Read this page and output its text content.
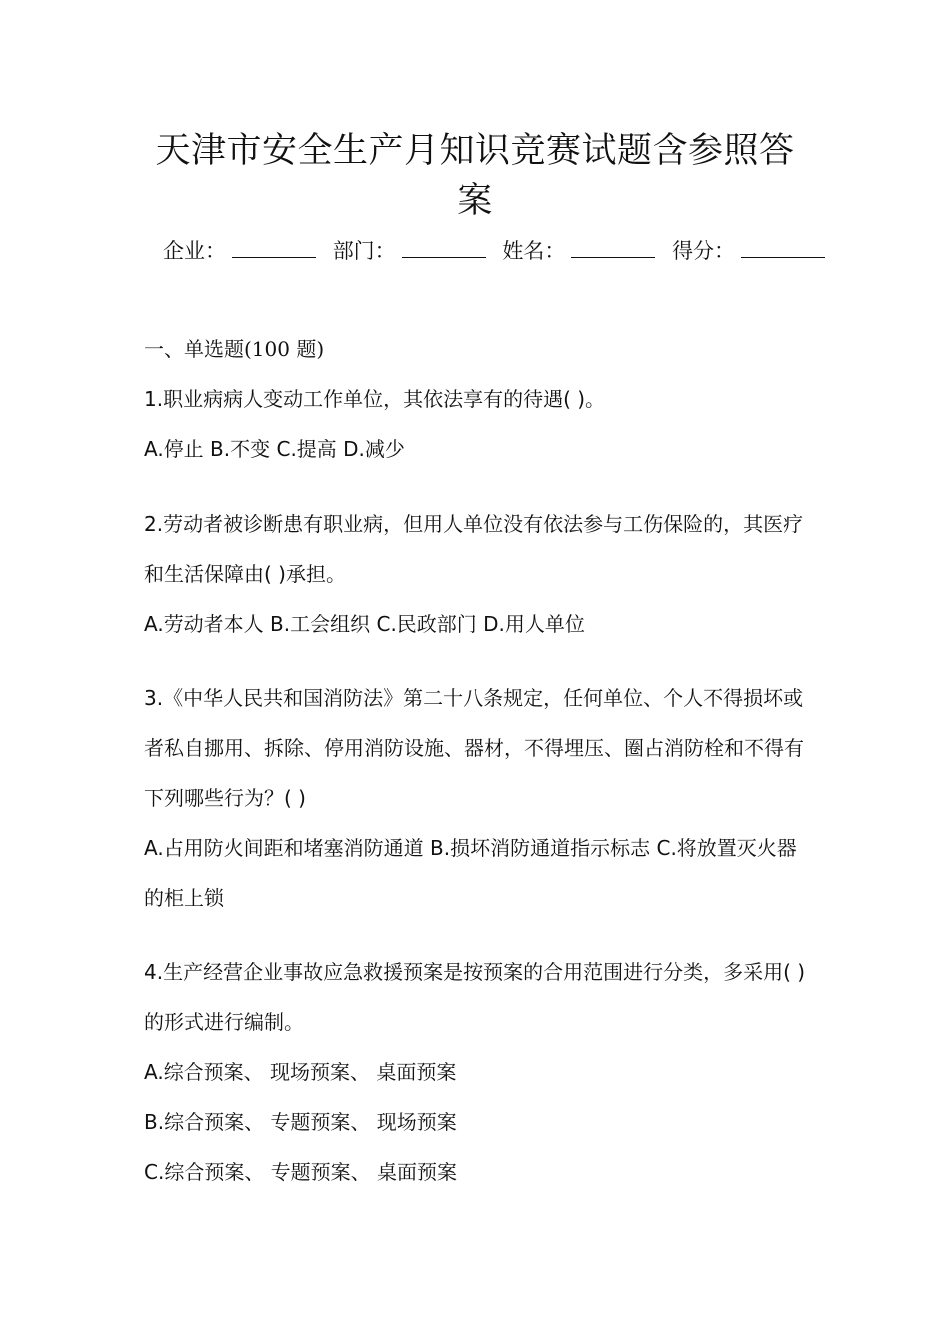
天津市安全生产月知识竞赛试题含参照答案
企业：	部门：	姓名：	得分：
一、单选题(100 题)
1.职业病病人变动工作单位，其依法享有的待遇( )。
A.停止 B.不变 C.提高 D.减少
2.劳动者被诊断患有职业病，但用人单位没有依法参与工伤保险的，其医疗和生活保障由( )承担。
A.劳动者本人 B.工会组织 C.民政部门 D.用人单位
3.《中华人民共和国消防法》第二十八条规定，任何单位、个人不得损坏或者私自挪用、拆除、停用消防设施、器材，不得埋压、圈占消防栓和不得有下列哪些行为？( )
A.占用防火间距和堵塞消防通道 B.损坏消防通道指示标志 C.将放置灭火器的柜上锁
4.生产经营企业事故应急救援预案是按预案的合用范围进行分类，多采用( )的形式进行编制。
A.综合预案、 现场预案、 桌面预案
B.综合预案、 专题预案、 现场预案
C.综合预案、 专题预案、 桌面预案
